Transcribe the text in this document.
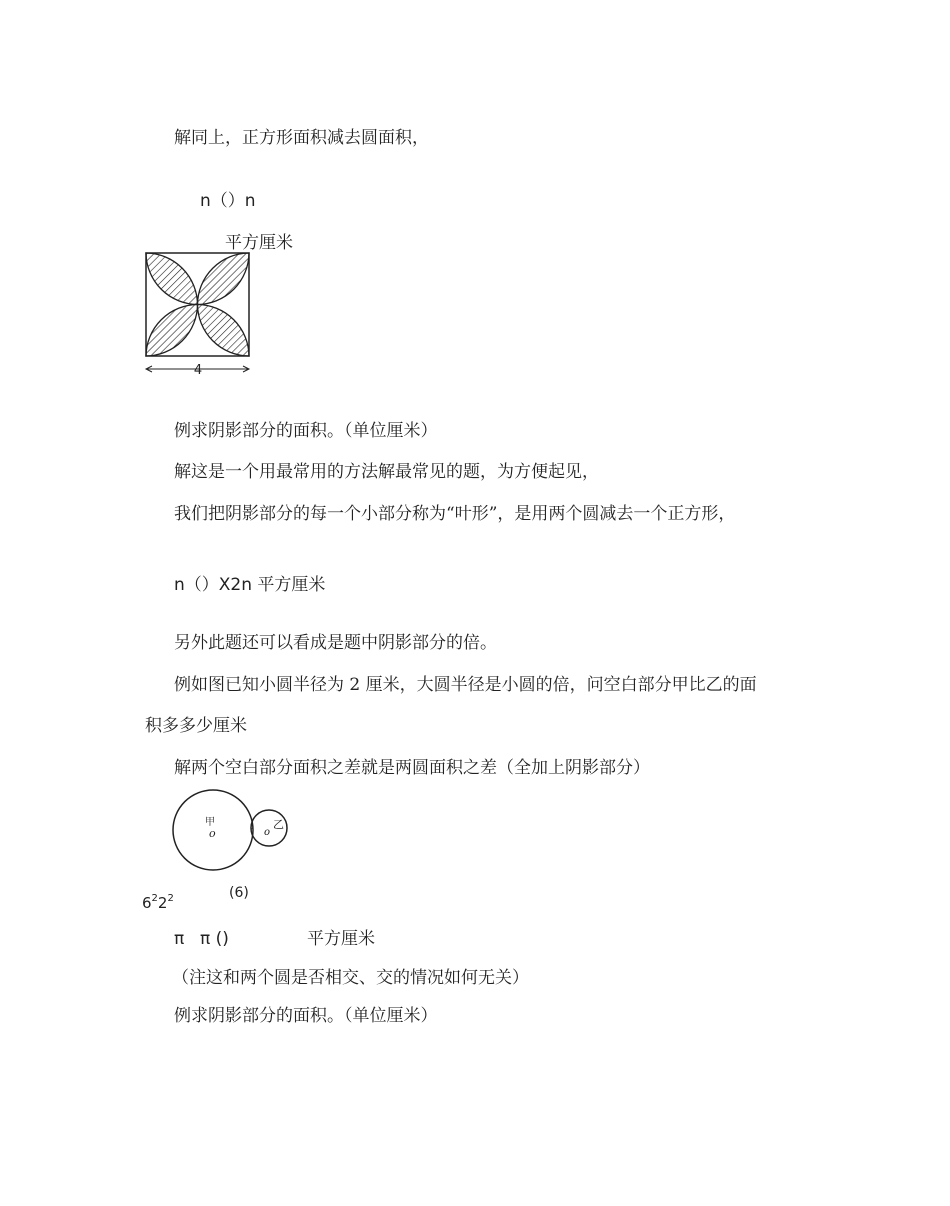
解同上，正方形面积减去圆面积，
n（）n
平方厘米
4
例求阴影部分的面积。（单位厘米）
解这是一个用最常用的方法解最常见的题，为方便起见，
我们把阴影部分的每一个小部分称为“叶形”，是用两个圆减去一个正方形，
n（）X2n 平方厘米
另外此题还可以看成是题中阴影部分的倍。
例如图已知小圆半径为 2 厘米，大圆半径是小圆的倍，问空白部分甲比乙的面
积多多少厘米
解两个空白部分面积之差就是两圆面积之差（全加上阴影部分）
甲
o	o
乙
(6)
$6^22^2$
π π ()	平方厘米
（注这和两个圆是否相交、交的情况如何无关）
例求阴影部分的面积。（单位厘米）
